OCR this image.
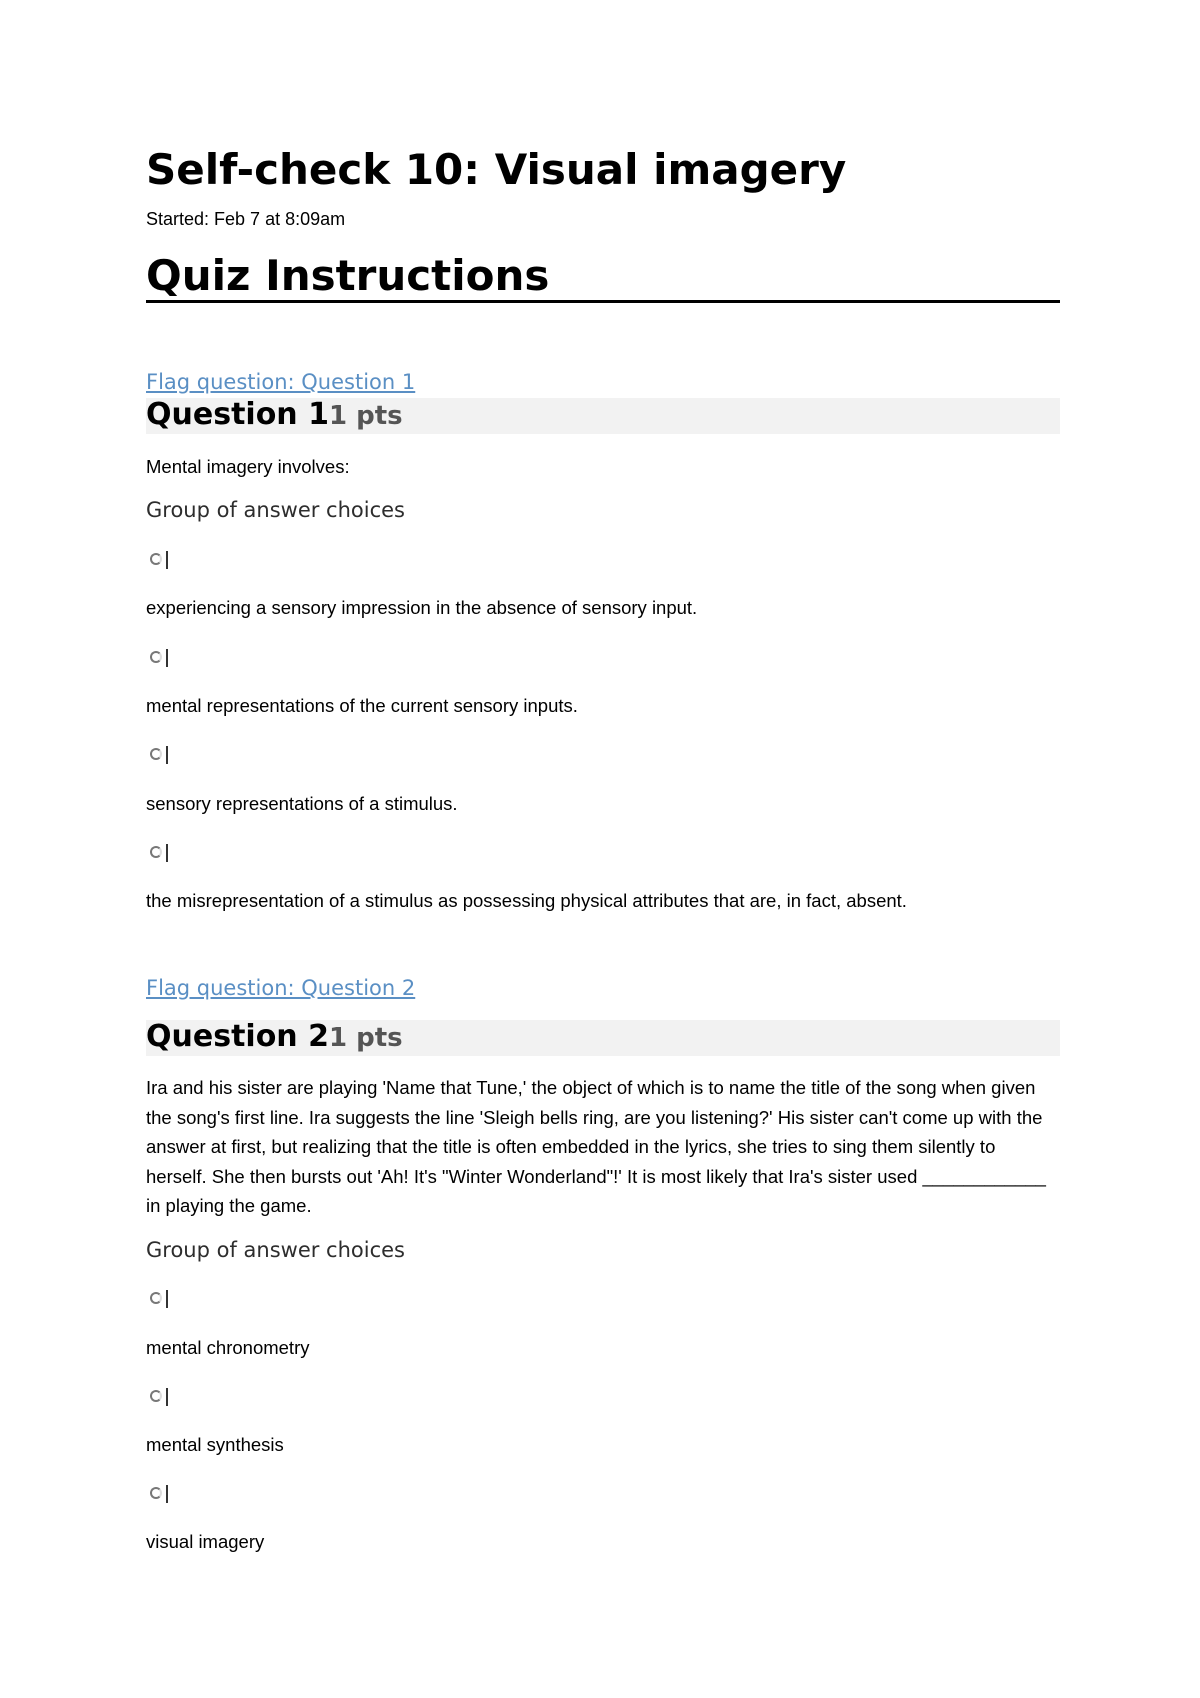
Self-check 10: Visual imagery
Started: Feb 7 at 8:09am
Quiz Instructions
Flag question: Question 1
Question 11 pts
Mental imagery involves:
Group of answer choices
experiencing a sensory impression in the absence of sensory input.
mental representations of the current sensory inputs.
sensory representations of a stimulus.
the misrepresentation of a stimulus as possessing physical attributes that are, in fact, absent.
Flag question: Question 2
Question 21 pts
Ira and his sister are playing 'Name that Tune,' the object of which is to name the title of the song when given the song's first line. Ira suggests the line 'Sleigh bells ring, are you listening?' His sister can't come up with the answer at first, but realizing that the title is often embedded in the lyrics, she tries to sing them silently to herself. She then bursts out 'Ah! It's "Winter Wonderland"!' It is most likely that Ira's sister used ____________ in playing the game.
Group of answer choices
mental chronometry
mental synthesis
visual imagery
